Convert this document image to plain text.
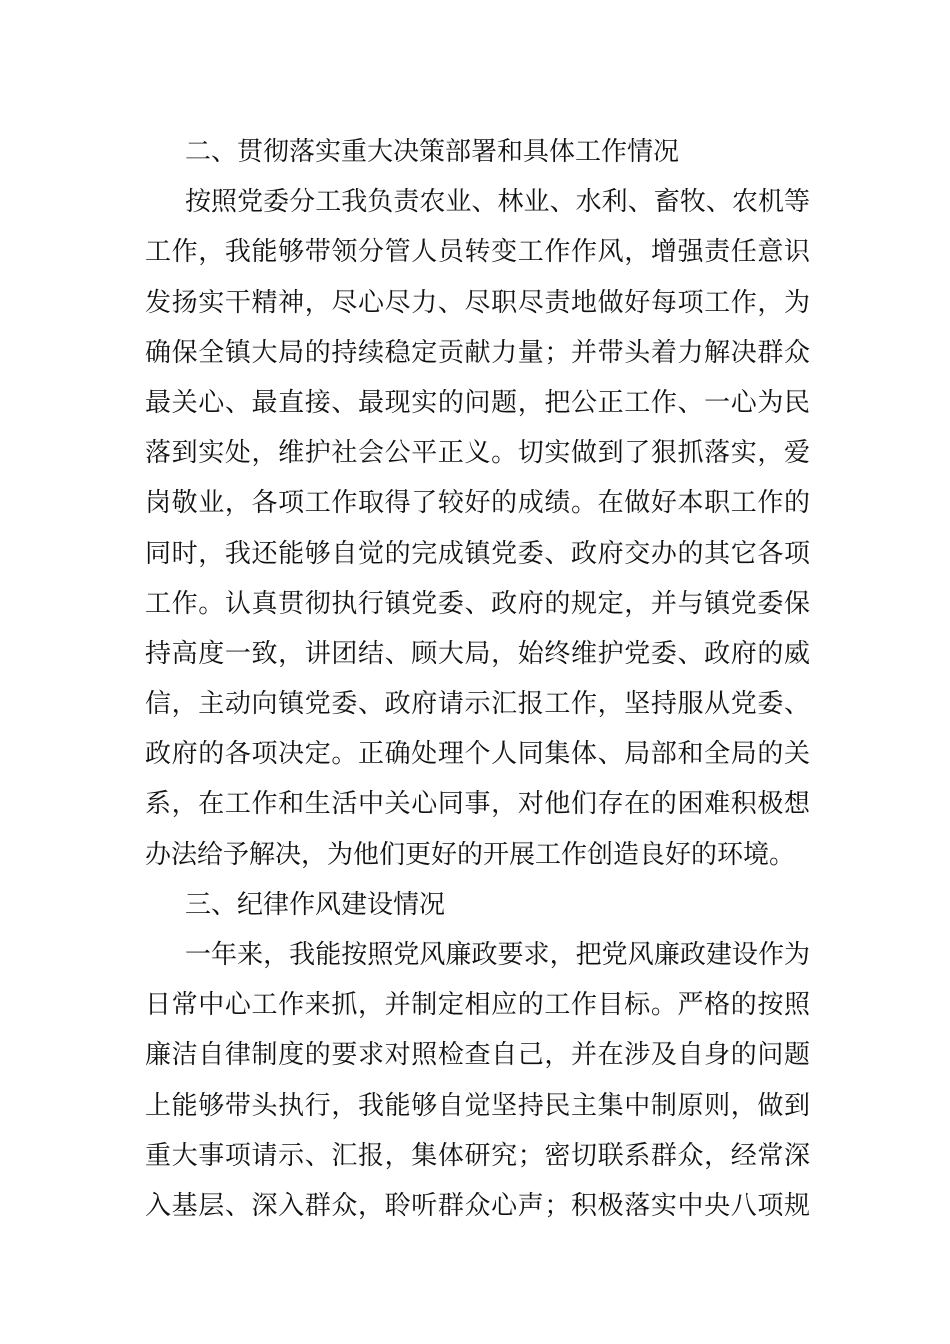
二、贯彻落实重大决策部署和具体工作情况
按照党委分工我负责农业、林业、水利、畜牧、农机等
工作，我能够带领分管人员转变工作作风，增强责任意识
发扬实干精神，尽心尽力、尽职尽责地做好每项工作，为
确保全镇大局的持续稳定贡献力量；并带头着力解决群众
最关心、最直接、最现实的问题，把公正工作、一心为民
落到实处，维护社会公平正义。切实做到了狠抓落实，爱
岗敬业，各项工作取得了较好的成绩。在做好本职工作的
同时，我还能够自觉的完成镇党委、政府交办的其它各项
工作。认真贯彻执行镇党委、政府的规定，并与镇党委保
持高度一致，讲团结、顾大局，始终维护党委、政府的威
信，主动向镇党委、政府请示汇报工作，坚持服从党委、
政府的各项决定。正确处理个人同集体、局部和全局的关
系，在工作和生活中关心同事，对他们存在的困难积极想
办法给予解决，为他们更好的开展工作创造良好的环境。
三、纪律作风建设情况
一年来，我能按照党风廉政要求，把党风廉政建设作为
日常中心工作来抓，并制定相应的工作目标。严格的按照
廉洁自律制度的要求对照检查自己，并在涉及自身的问题
上能够带头执行，我能够自觉坚持民主集中制原则，做到
重大事项请示、汇报，集体研究；密切联系群众，经常深
入基层、深入群众，聆听群众心声；积极落实中央八项规
